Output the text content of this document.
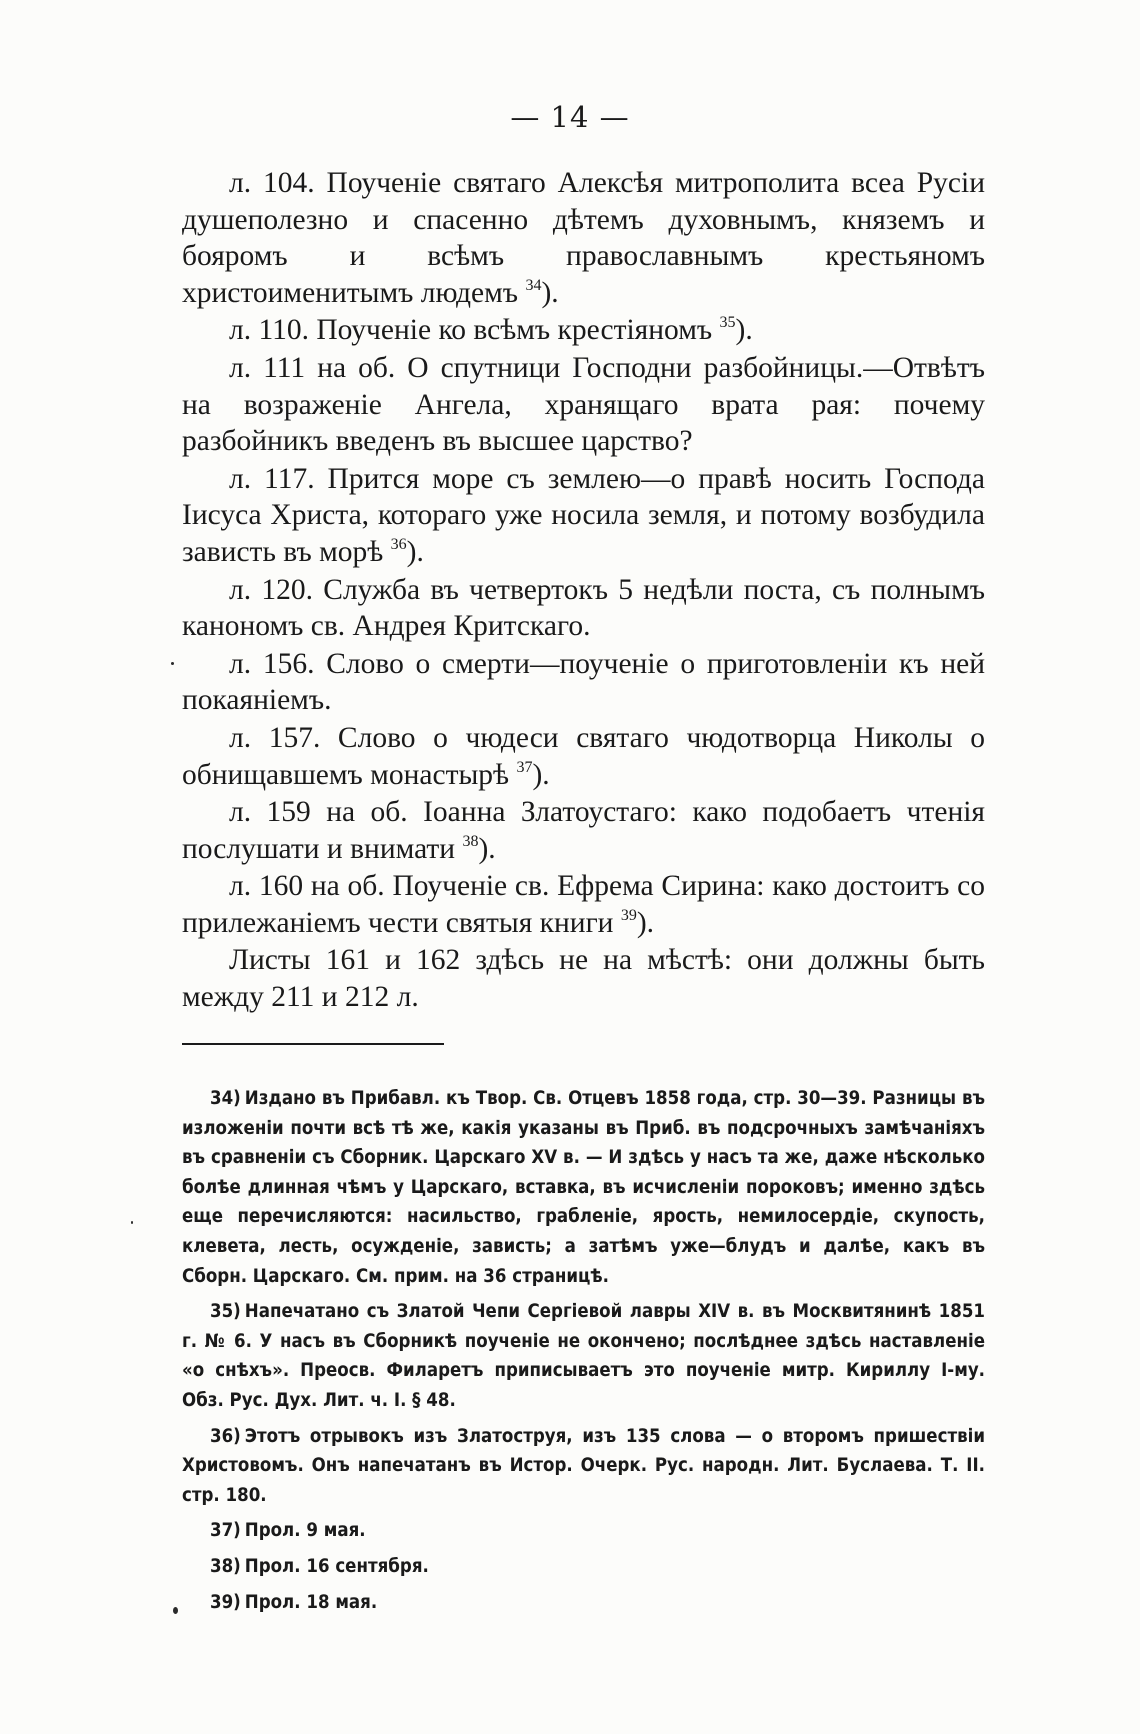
— 14 —

л. 104. Поученіе святаго Алексѣя митрополита всеа Русіи душеполезно и спасенно дѣтемъ духовнымъ, княземъ и бояромъ и всѣмъ православнымъ крестьяномъ христоименитымъ людемъ $^{34}$).

л. 110. Поученіе ко всѣмъ крестіяномъ $^{35}$).

л. 111 на об. О спутници Господни разбойницы.—Отвѣтъ на возраженіе Ангела, хранящаго врата рая: почему разбойникъ введенъ въ высшее царство?

л. 117. Прится море съ землею—о правѣ носить Господа Іисуса Христа, котораго уже носила земля, и потому возбудила зависть въ морѣ $^{36}$).

л. 120. Служба въ четвертокъ 5 недѣли поста, съ полнымъ канономъ св. Андрея Критскаго.

л. 156. Слово о смерти—поученіе о приготовленіи къ ней покаяніемъ.

л. 157. Слово о чюдеси святаго чюдотворца Николы о обнищавшемъ монастырѣ $^{37}$).

л. 159 на об. Іоанна Златоустаго: како подобаетъ чтенія послушати и внимати $^{38}$).

л. 160 на об. Поученіе св. Ефрема Сирина: како достоитъ со прилежаніемъ чести святыя книги $^{39}$).

Листы 161 и 162 здѣсь не на мѣстѣ: они должны быть между 211 и 212 л.

34) Издано въ Прибавл. къ Твор. Св. Отцевъ 1858 года, стр. 30—39. Разницы въ изложеніи почти всѣ тѣ же, какія указаны въ Приб. въ подсрочныхъ замѣчаніяхъ въ сравненіи съ Сборник. Царскаго XV в. — И здѣсь у насъ та же, даже нѣсколько болѣе длинная чѣмъ у Царскаго, вставка, въ исчисленіи пороковъ; именно здѣсь еще перечисляются: насильство, грабленіе, ярость, немилосердіе, скупость, клевета, лесть, осужденіе, зависть; а затѣмъ уже—блудъ и далѣе, какъ въ Сборн. Царскаго. См. прим. на 36 страницѣ.

35) Напечатано съ Златой Чепи Сергіевой лавры XIV в. въ Москвитянинѣ 1851 г. № 6. У насъ въ Сборникѣ поученіе не окончено; послѣднее здѣсь наставленіе «о снѣхъ». Преосв. Филаретъ приписываетъ это поученіе митр. Кириллу I-му. Обз. Рус. Дух. Лит. ч. I. § 48.

36) Этотъ отрывокъ изъ Златоструя, изъ 135 слова — о второмъ пришествіи Христовомъ. Онъ напечатанъ въ Истор. Очерк. Рус. народн. Лит. Буслаева. Т. II. стр. 180.

37) Прол. 9 мая.

38) Прол. 16 сентября.

39) Прол. 18 мая.
